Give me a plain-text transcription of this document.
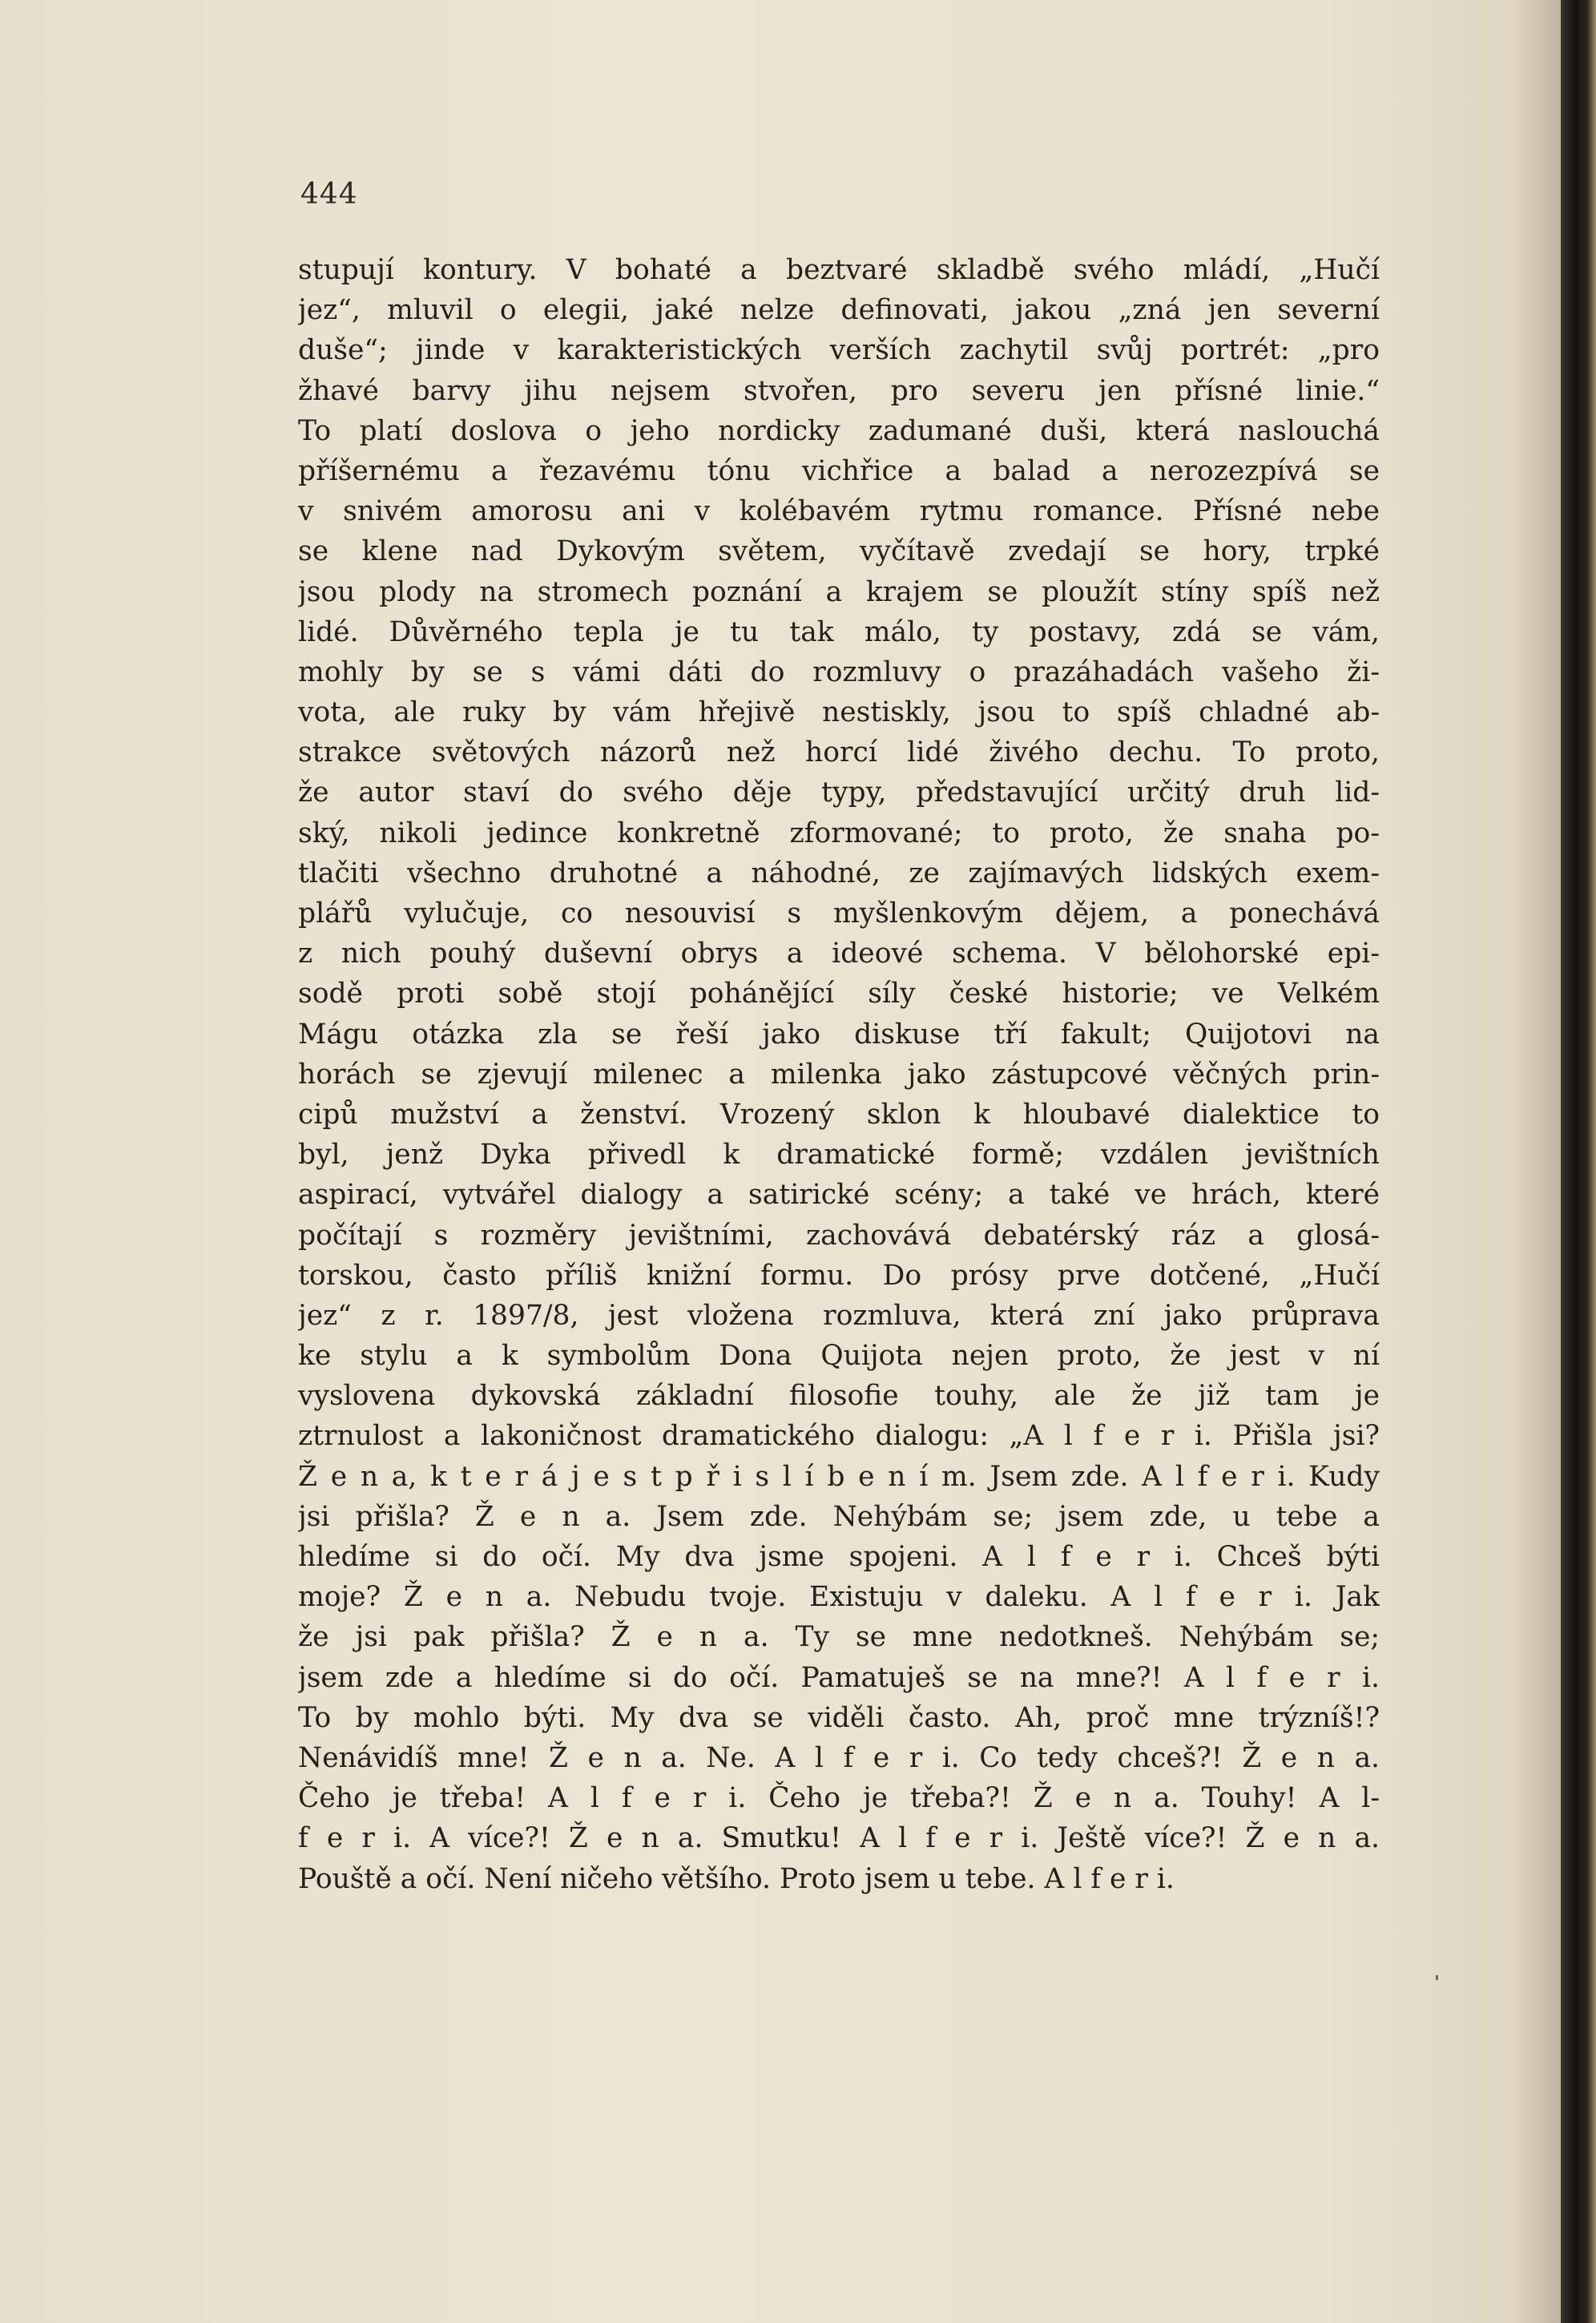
444
stupují kontury. V bohaté a beztvaré skladbě svého mládí, „Hučí
jez“, mluvil o elegii, jaké nelze definovati, jakou „zná jen severní
duše“; jinde v karakteristických verších zachytil svůj portrét: „pro
žhavé barvy jihu nejsem stvořen, pro severu jen přísné linie.“
To platí doslova o jeho nordicky zadumané duši, která naslouchá
příšernému a řezavému tónu vichřice a balad a nerozezpívá se
v snivém amorosu ani v kolébavém rytmu romance. Přísné nebe
se klene nad Dykovým světem, vyčítavě zvedají se hory, trpké
jsou plody na stromech poznání a krajem se ploužít stíny spíš než
lidé. Důvěrného tepla je tu tak málo, ty postavy, zdá se vám,
mohly by se s vámi dáti do rozmluvy o prazáhadách vašeho ži-
vota, ale ruky by vám hřejivě nestiskly, jsou to spíš chladné ab-
strakce světových názorů než horcí lidé živého dechu. To proto,
že autor staví do svého děje typy, představující určitý druh lid-
ský, nikoli jedince konkretně zformované; to proto, že snaha po-
tlačiti všechno druhotné a náhodné, ze zajímavých lidských exem-
plářů vylučuje, co nesouvisí s myšlenkovým dějem, a ponechává
z nich pouhý duševní obrys a ideové schema. V bělohorské epi-
sodě proti sobě stojí pohánějící síly české historie; ve Velkém
Mágu otázka zla se řeší jako diskuse tří fakult; Quijotovi na
horách se zjevují milenec a milenka jako zástupcové věčných prin-
cipů mužství a ženství. Vrozený sklon k hloubavé dialektice to
byl, jenž Dyka přivedl k dramatické formě; vzdálen jevištních
aspirací, vytvářel dialogy a satirické scény; a také ve hrách, které
počítají s rozměry jevištními, zachovává debatérský ráz a glosá-
torskou, často příliš knižní formu. Do prósy prve dotčené, „Hučí
jez“ z r. 1897/8, jest vložena rozmluva, která zní jako průprava
ke stylu a k symbolům Dona Quijota nejen proto, že jest v ní
vyslovena dykovská základní filosofie touhy, ale že již tam je
ztrnulost a lakoničnost dramatického dialogu: „A l f e r i. Přišla jsi?
Ž e n a, k t e r á j e s t p ř i s l í b e n í m. Jsem zde. A l f e r i. Kudy
jsi přišla? Ž e n a. Jsem zde. Nehýbám se; jsem zde, u tebe a
hledíme si do očí. My dva jsme spojeni. A l f e r i. Chceš býti
moje? Ž e n a. Nebudu tvoje. Existuju v daleku. A l f e r i. Jak
že jsi pak přišla? Ž e n a. Ty se mne nedotkneš. Nehýbám se;
jsem zde a hledíme si do očí. Pamatuješ se na mne?! A l f e r i.
To by mohlo býti. My dva se viděli často. Ah, proč mne trýzníš!?
Nenávidíš mne! Ž e n a. Ne. A l f e r i. Co tedy chceš?! Ž e n a.
Čeho je třeba! A l f e r i. Čeho je třeba?! Ž e n a. Touhy! A l-
f e r i. A více?! Ž e n a. Smutku! A l f e r i. Ještě více?! Ž e n a.
Pouště a očí. Není ničeho většího. Proto jsem u tebe. A l f e r i.
